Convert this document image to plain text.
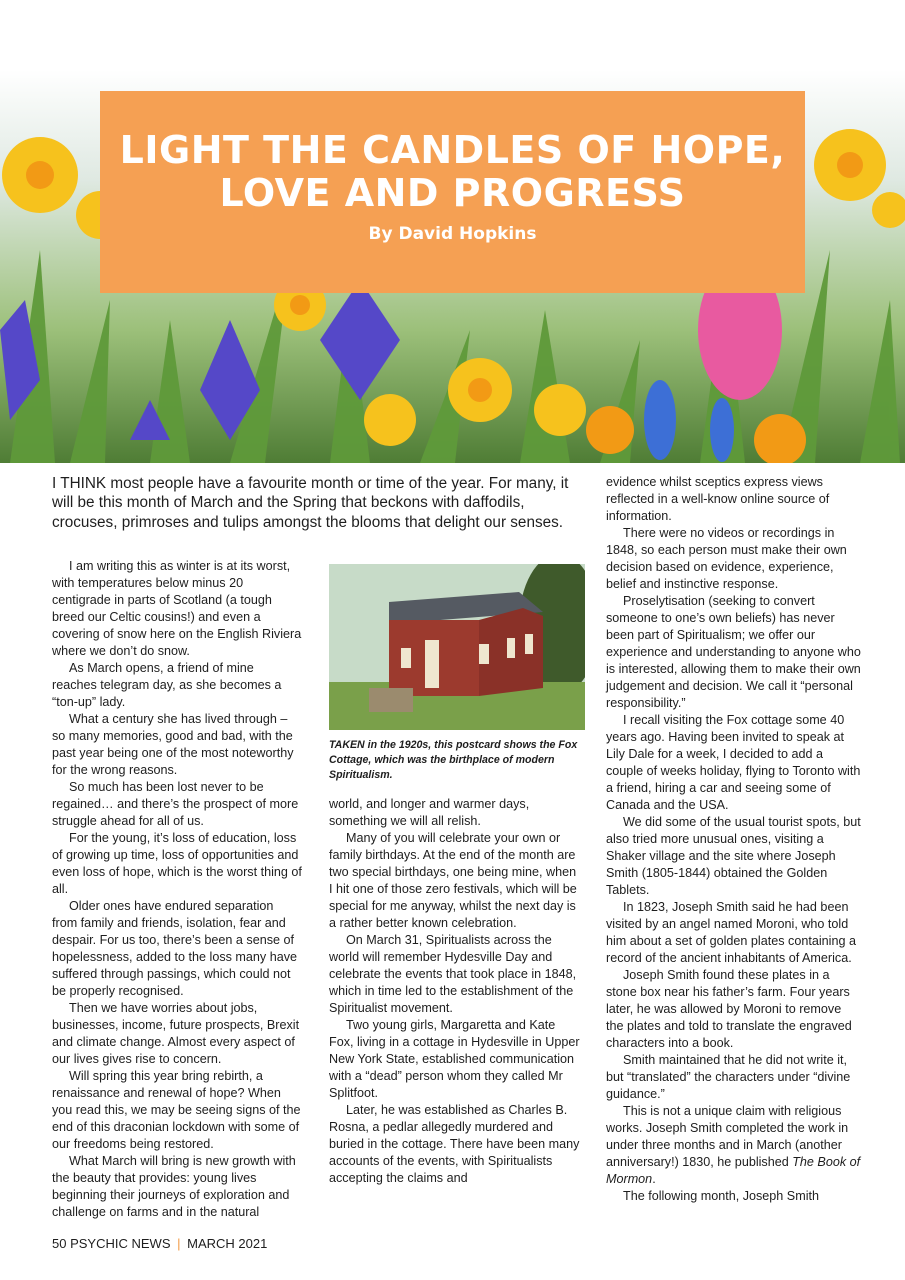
LIGHT THE CANDLES OF HOPE,
LOVE AND PROGRESS
By David Hopkins
I THINK most people have a favourite month or time of the year. For many, it will be this month of March and the Spring that beckons with daffodils, crocuses, primroses and tulips amongst the blooms that delight our senses.

I am writing this as winter is at its worst, with temperatures below minus 20 centigrade in parts of Scotland (a tough breed our Celtic cousins!) and even a covering of snow here on the English Riviera where we don’t do snow.

As March opens, a friend of mine reaches telegram day, as she becomes a “ton-up” lady.

What a century she has lived through – so many memories, good and bad, with the past year being one of the most noteworthy for the wrong reasons.

So much has been lost never to be regained… and there’s the prospect of more struggle ahead for all of us.

For the young, it’s loss of education, loss of growing up time, loss of opportunities and even loss of hope, which is the worst thing of all.

Older ones have endured separation from family and friends, isolation, fear and despair. For us too, there’s been a sense of hopelessness, added to the loss many have suffered through passings, which could not be properly recognised.

Then we have worries about jobs, businesses, income, future prospects, Brexit and climate change. Almost every aspect of our lives gives rise to concern.

Will spring this year bring rebirth, a renaissance and renewal of hope? When you read this, we may be seeing signs of the end of this draconian lockdown with some of our freedoms being restored.

What March will bring is new growth with the beauty that provides: young lives beginning their journeys of exploration and challenge on farms and in the natural

TAKEN in the 1920s, this postcard shows the Fox Cottage, which was the birthplace of modern Spiritualism.

world, and longer and warmer days, something we will all relish.

Many of you will celebrate your own or family birthdays. At the end of the month are two special birthdays, one being mine, when I hit one of those zero festivals, which will be special for me anyway, whilst the next day is a rather better known celebration.

On March 31, Spiritualists across the world will remember Hydesville Day and celebrate the events that took place in 1848, which in time led to the establishment of the Spiritualist movement.

Two young girls, Margaretta and Kate Fox, living in a cottage in Hydesville in Upper New York State, established communication with a “dead” person whom they called Mr Splitfoot.

Later, he was established as Charles B. Rosna, a pedlar allegedly murdered and buried in the cottage. There have been many accounts of the events, with Spiritualists accepting the claims and

evidence whilst sceptics express views reflected in a well-know online source of information.

There were no videos or recordings in 1848, so each person must make their own decision based on evidence, experience, belief and instinctive response.

Proselytisation (seeking to convert someone to one’s own beliefs) has never been part of Spiritualism; we offer our experience and understanding to anyone who is interested, allowing them to make their own judgement and decision. We call it “personal responsibility.”

I recall visiting the Fox cottage some 40 years ago. Having been invited to speak at Lily Dale for a week, I decided to add a couple of weeks holiday, flying to Toronto with a friend, hiring a car and seeing some of Canada and the USA.

We did some of the usual tourist spots, but also tried more unusual ones, visiting a Shaker village and the site where Joseph Smith (1805-1844) obtained the Golden Tablets.

In 1823, Joseph Smith said he had been visited by an angel named Moroni, who told him about a set of golden plates containing a record of the ancient inhabitants of America.

Joseph Smith found these plates in a stone box near his father’s farm. Four years later, he was allowed by Moroni to remove the plates and told to translate the engraved characters into a book.

Smith maintained that he did not write it, but “translated” the characters under “divine guidance.”

This is not a unique claim with religious works. Joseph Smith completed the work in under three months and in March (another anniversary!) 1830, he published The Book of Mormon.

The following month, Joseph Smith

50 PSYCHIC NEWS | MARCH 2021
